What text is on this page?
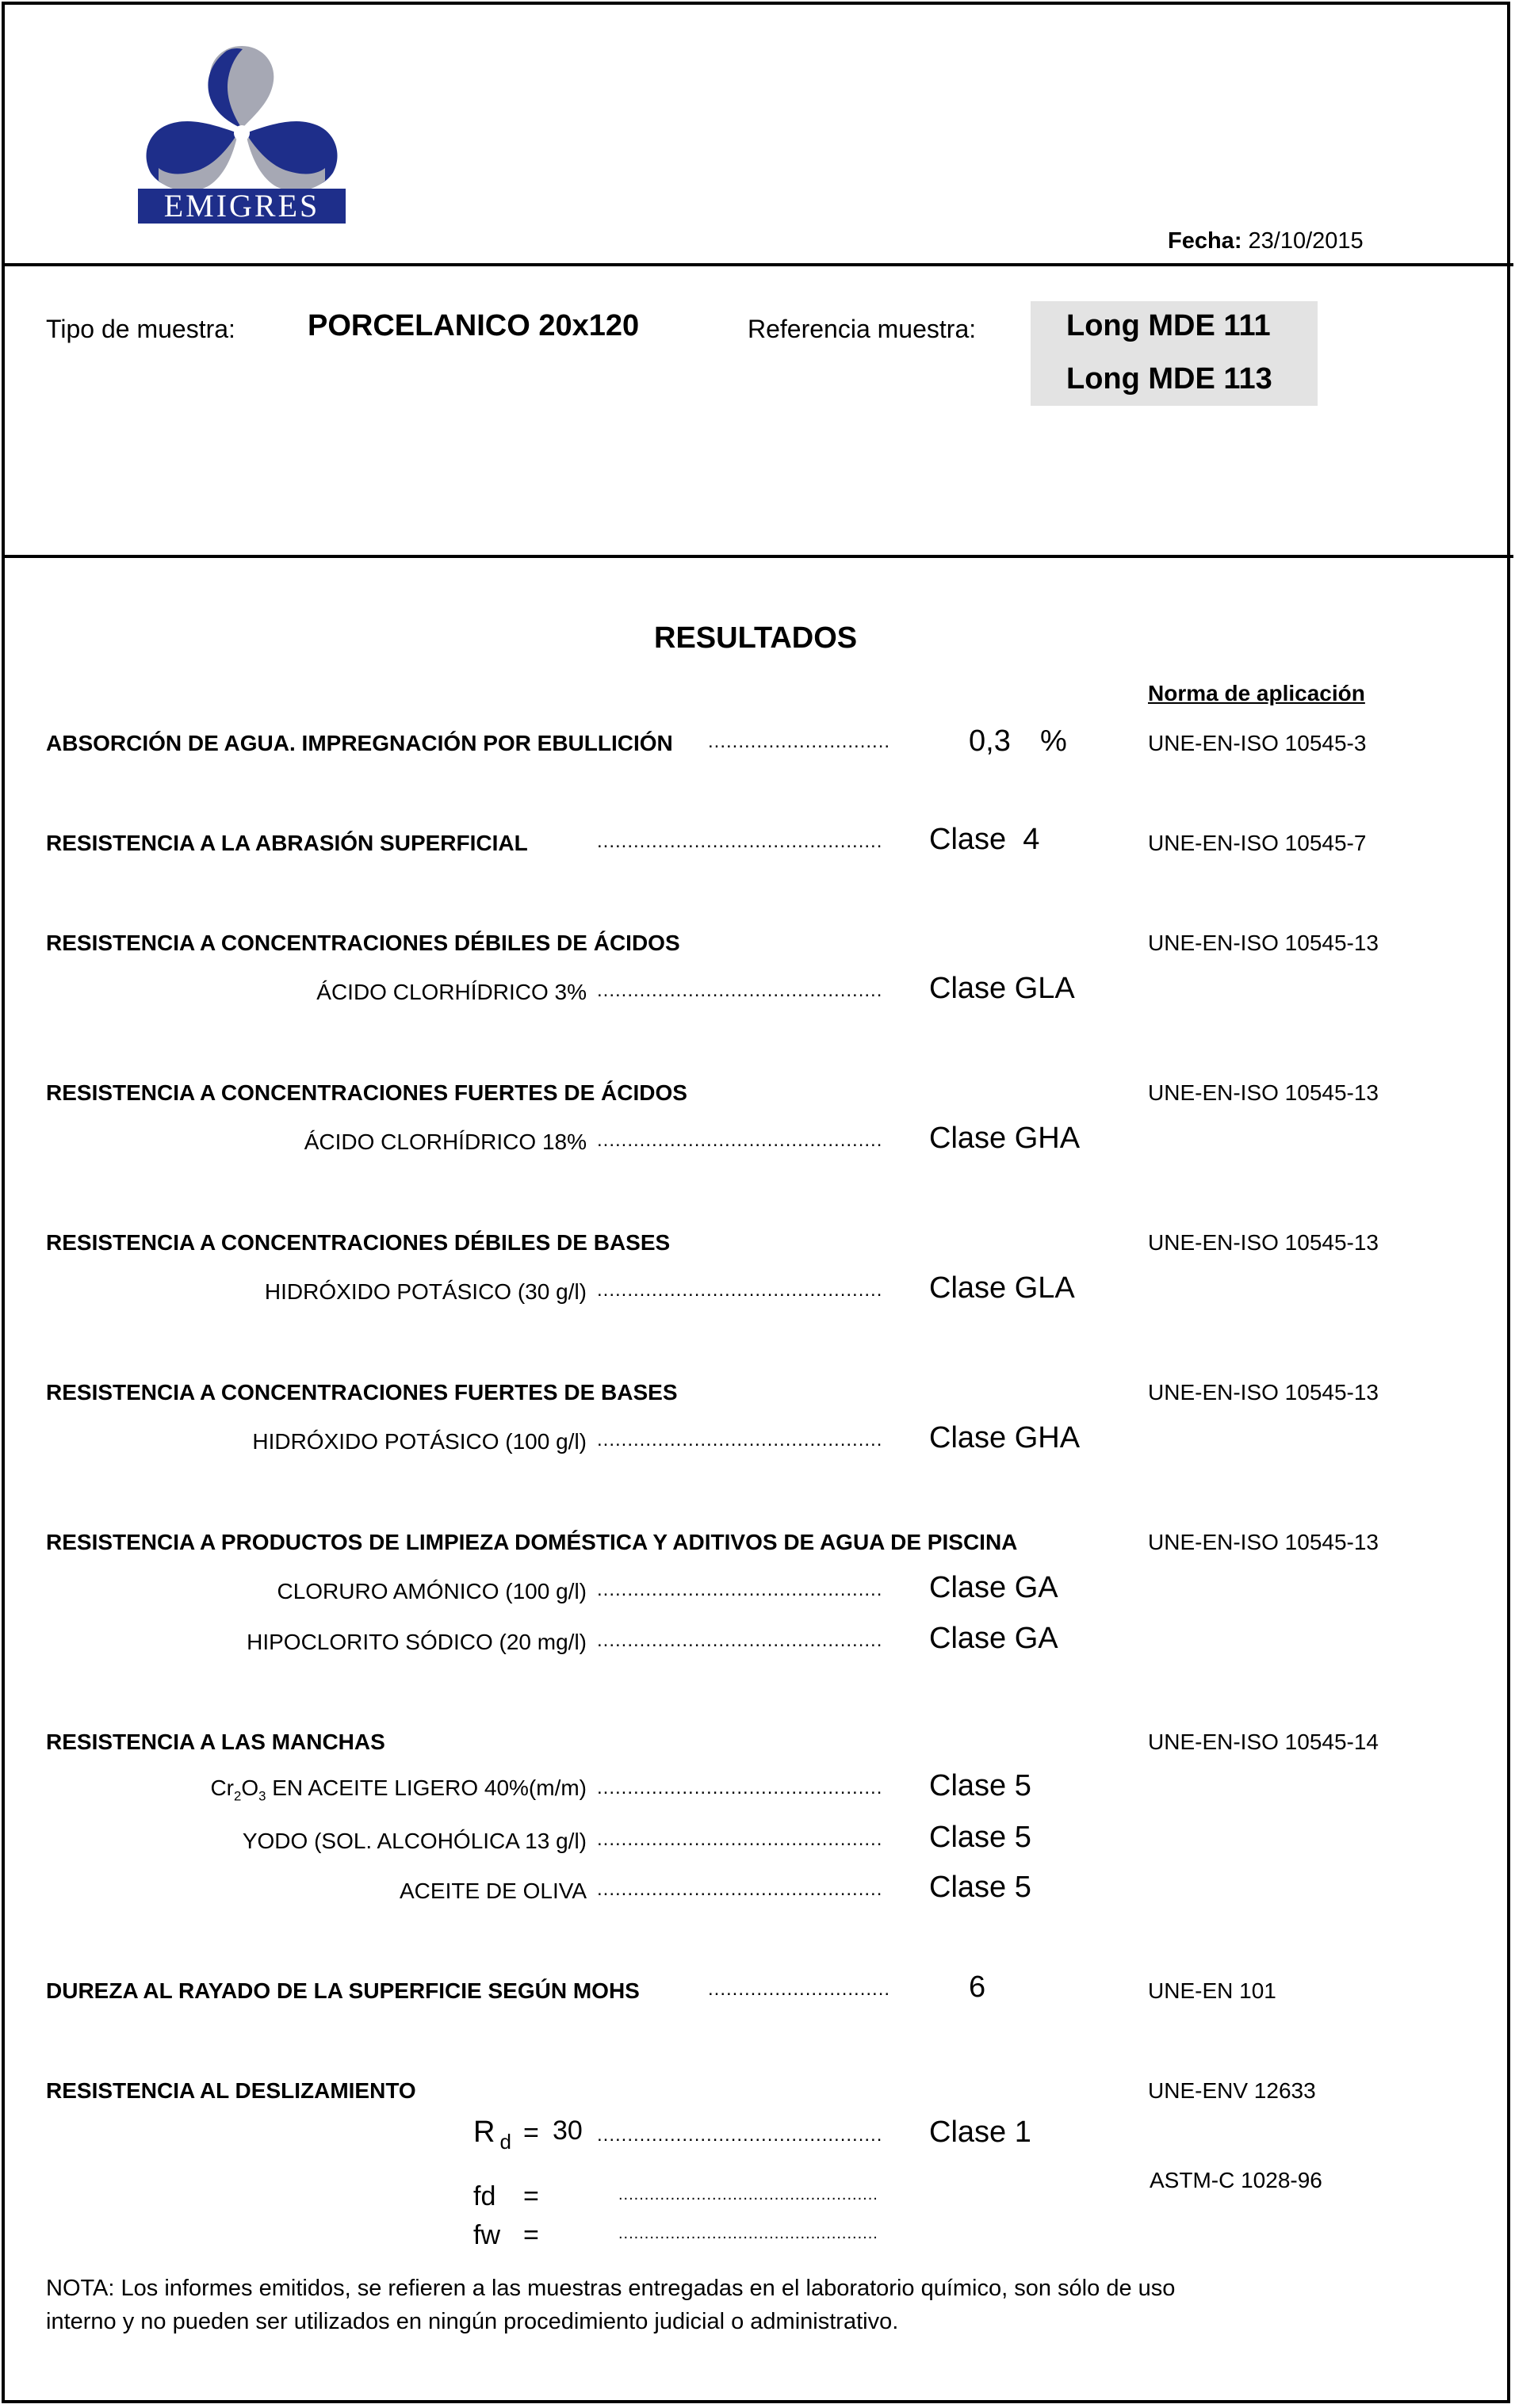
EMIGRES
Fecha: 23/10/2015
Tipo de muestra: PORCELANICO 20x120	Referencia muestra:	Long MDE 111
Long MDE 113
RESULTADOS
Norma de aplicación
ABSORCIÓN DE AGUA. IMPREGNACIÓN POR EBULLICIÓN ..............................	0,3 %	UNE-EN-ISO 10545-3
RESISTENCIA A LA ABRASIÓN SUPERFICIAL	............................................... Clase  4	UNE-EN-ISO 10545-7
RESISTENCIA A CONCENTRACIONES DÉBILES DE ÁCIDOS	UNE-EN-ISO 10545-13
ÁCIDO CLORHÍDRICO 3% ............................................... Clase GLA
RESISTENCIA A CONCENTRACIONES FUERTES DE ÁCIDOS	UNE-EN-ISO 10545-13
ÁCIDO CLORHÍDRICO 18% ............................................... Clase GHA
RESISTENCIA A CONCENTRACIONES DÉBILES DE BASES	UNE-EN-ISO 10545-13
HIDRÓXIDO POTÁSICO (30 g/l) ............................................... Clase GLA
RESISTENCIA A CONCENTRACIONES FUERTES DE BASES	UNE-EN-ISO 10545-13
HIDRÓXIDO POTÁSICO (100 g/l) ............................................... Clase GHA
RESISTENCIA A PRODUCTOS DE LIMPIEZA DOMÉSTICA Y ADITIVOS DE AGUA DE PISCINA	UNE-EN-ISO 10545-13
CLORURO AMÓNICO (100 g/l) ............................................... Clase GA
HIPOCLORITO SÓDICO (20 mg/l) ............................................... Clase GA
RESISTENCIA A LAS MANCHAS	UNE-EN-ISO 10545-14
$Cr_2O_3$ EN ACEITE LIGERO 40%(m/m) ............................................... Clase 5
YODO (SOL. ALCOHÓLICA 13 g/l) ............................................... Clase 5
ACEITE DE OLIVA ............................................... Clase 5
DUREZA AL RAYADO DE LA SUPERFICIE SEGÚN MOHS	..............................	6	UNE-EN 101
RESISTENCIA AL DESLIZAMIENTO	UNE-ENV 12633
ASTM-C 1028-96
R $_d$ = 30 ............................................... Clase 1
fd =	..................................................
fw =	..................................................
NOTA: Los informes emitidos, se refieren a las muestras entregadas en el laboratorio químico, son sólo de uso
interno y no pueden ser utilizados en ningún procedimiento judicial o administrativo.
